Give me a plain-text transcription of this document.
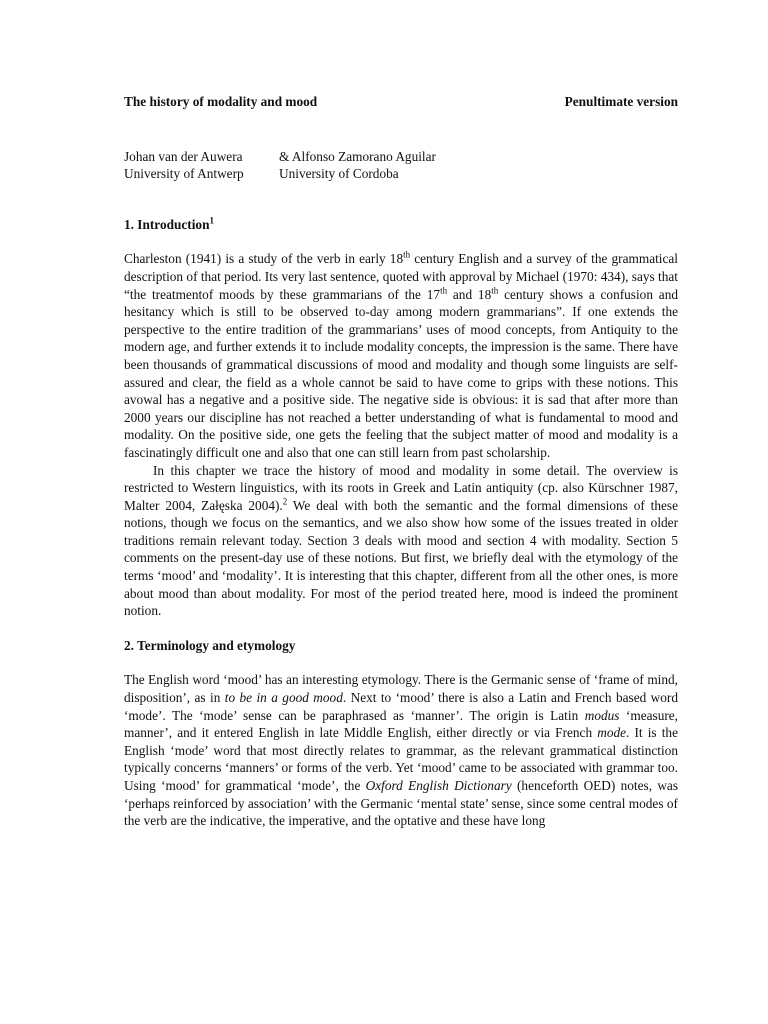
The history of modality and mood	Penultimate version
Johan van der Auwera	& Alfonso Zamorano Aguilar
University of Antwerp	University of Cordoba
1. Introduction$^1$

Charleston (1941) is a study of the verb in early 18th century English and a survey of the grammatical description of that period. Its very last sentence, quoted with approval by Michael (1970: 434), says that “the treatmentof moods by these grammarians of the 17th and 18th century shows a confusion and hesitancy which is still to be observed to-day among modern grammarians”. If one extends the perspective to the entire tradition of the grammarians’ uses of mood concepts, from Antiquity to the modern age, and further extends it to include modality concepts, the impression is the same. There have been thousands of grammatical discussions of mood and modality and though some linguists are self-assured and clear, the field as a whole cannot be said to have come to grips with these notions. This avowal has a negative and a positive side. The negative side is obvious: it is sad that after more than 2000 years our discipline has not reached a better understanding of what is fundamental to mood and modality. On the positive side, one gets the feeling that the subject matter of mood and modality is a fascinatingly difficult one and also that one can still learn from past scholarship.

In this chapter we trace the history of mood and modality in some detail. The overview is restricted to Western linguistics, with its roots in Greek and Latin antiquity (cp. also Kürschner 1987, Malter 2004, Załęska 2004).$^2$ We deal with both the semantic and the formal dimensions of these notions, though we focus on the semantics, and we also show how some of the issues treated in older traditions remain relevant today. Section 3 deals with mood and section 4 with modality. Section 5 comments on the present-day use of these notions. But first, we briefly deal with the etymology of the terms ‘mood’ and ‘modality’. It is interesting that this chapter, different from all the other ones, is more about mood than about modality. For most of the period treated here, mood is indeed the prominent notion.

2. Terminology and etymology

The English word ‘mood’ has an interesting etymology. There is the Germanic sense of ‘frame of mind, disposition’, as in to be in a good mood. Next to ‘mood’ there is also a Latin and French based word ‘mode’. The ‘mode’ sense can be paraphrased as ‘manner’. The origin is Latin modus ‘measure, manner’, and it entered English in late Middle English, either directly or via French mode. It is the English ‘mode’ word that most directly relates to grammar, as the relevant grammatical distinction typically concerns ‘manners’ or forms of the verb. Yet ‘mood’ came to be associated with grammar too. Using ‘mood’ for grammatical ‘mode’, the Oxford English Dictionary (henceforth OED) notes, was ‘perhaps reinforced by association’ with the Germanic ‘mental state’ sense, since some central modes of the verb are the indicative, the imperative, and the optative and these have long
